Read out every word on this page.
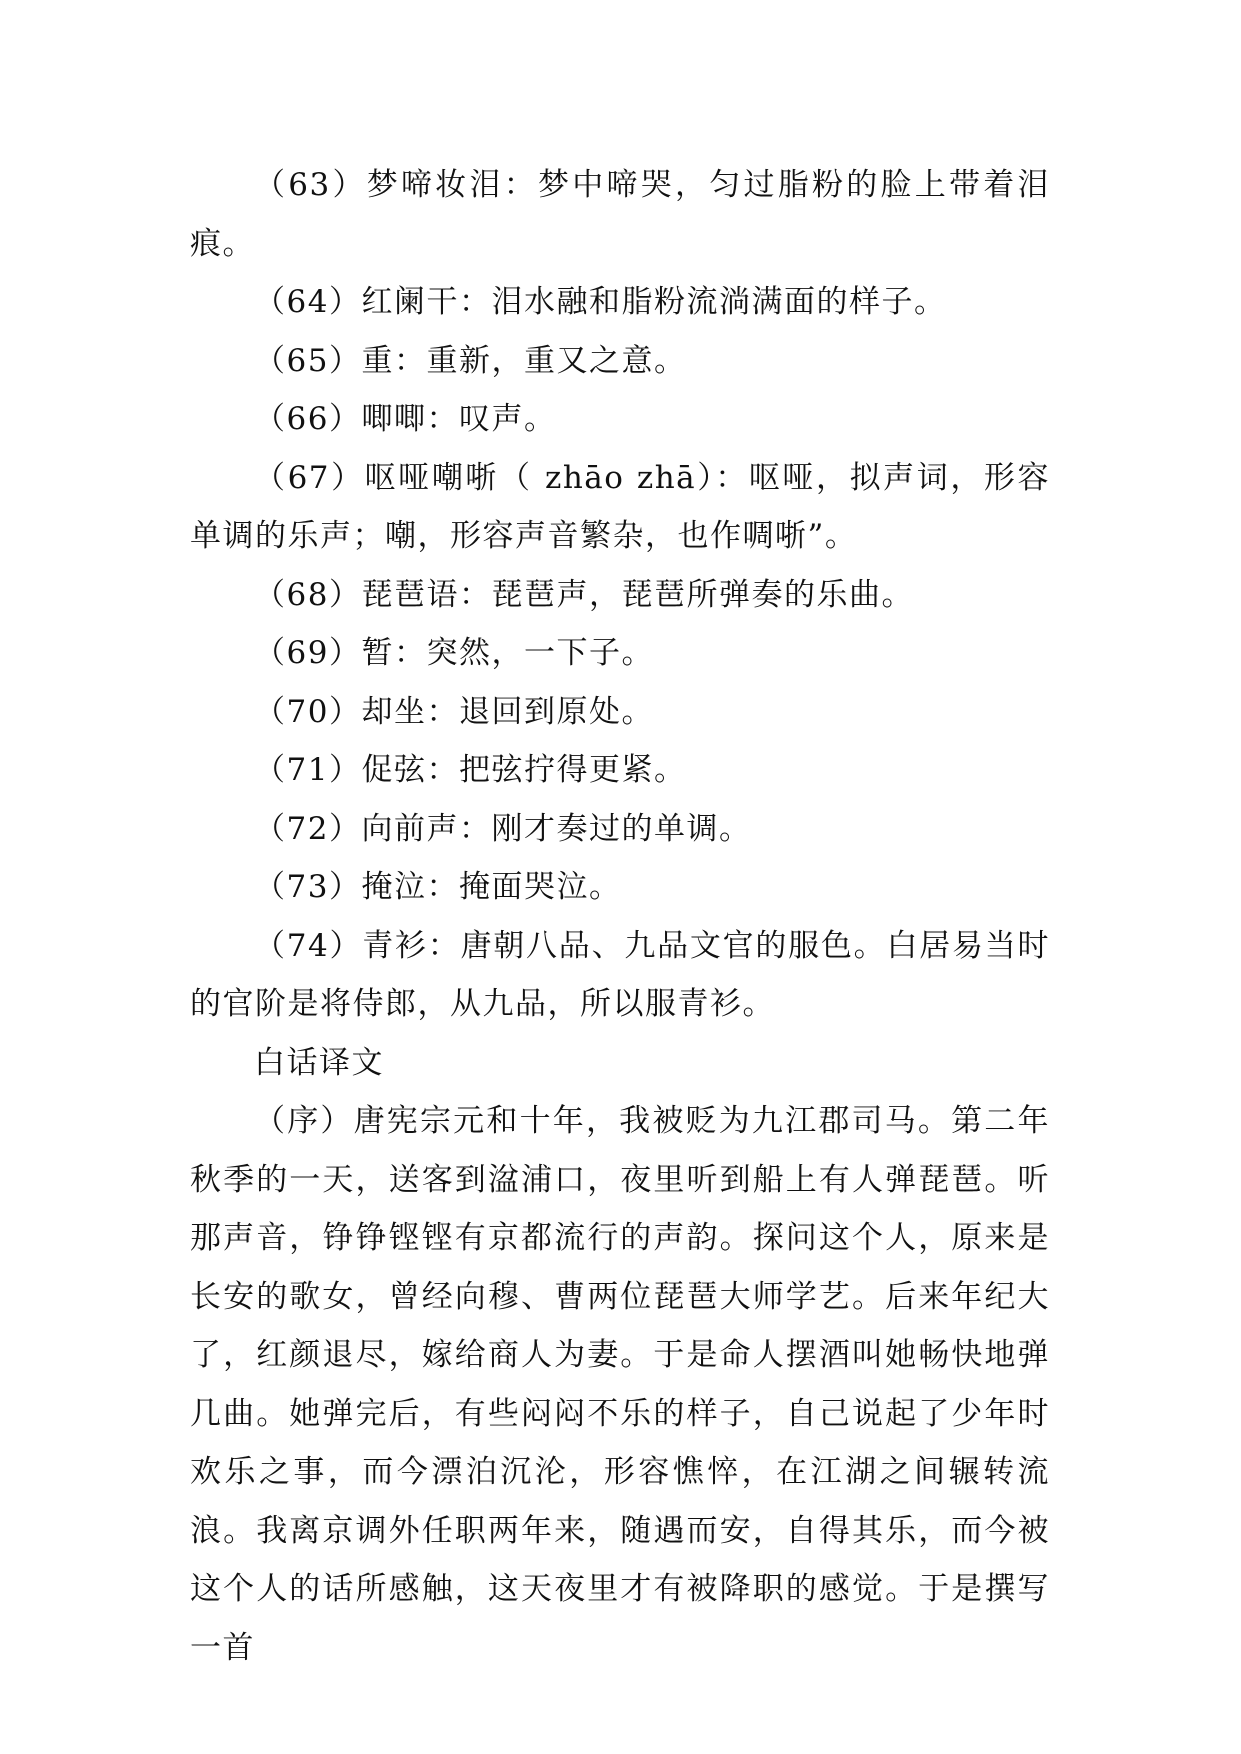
（63）梦啼妆泪：梦中啼哭，匀过脂粉的脸上带着泪痕。

（64）红阑干：泪水融和脂粉流淌满面的样子。

（65）重：重新，重又之意。

（66）唧唧：叹声。

（67）呕哑嘲哳（ zhāo zhā）：呕哑，拟声词，形容单调的乐声；嘲，形容声音繁杂，也作啁哳”。

（68）琵琶语：琵琶声，琵琶所弹奏的乐曲。

（69）暂：突然，一下子。

（70）却坐：退回到原处。

（71）促弦：把弦拧得更紧。

（72）向前声：刚才奏过的单调。

（73）掩泣：掩面哭泣。

（74）青衫：唐朝八品、九品文官的服色。白居易当时的官阶是将侍郎，从九品，所以服青衫。

白话译文

（序）唐宪宗元和十年，我被贬为九江郡司马。第二年秋季的一天，送客到湓浦口，夜里听到船上有人弹琵琶。听那声音，铮铮铿铿有京都流行的声韵。探问这个人，原来是长安的歌女，曾经向穆、曹两位琵琶大师学艺。后来年纪大了，红颜退尽，嫁给商人为妻。于是命人摆酒叫她畅快地弹几曲。她弹完后，有些闷闷不乐的样子，自己说起了少年时欢乐之事，而今漂泊沉沦，形容憔悴，在江湖之间辗转流浪。我离京调外任职两年来，随遇而安，自得其乐，而今被这个人的话所感触，这天夜里才有被降职的感觉。于是撰写一首
